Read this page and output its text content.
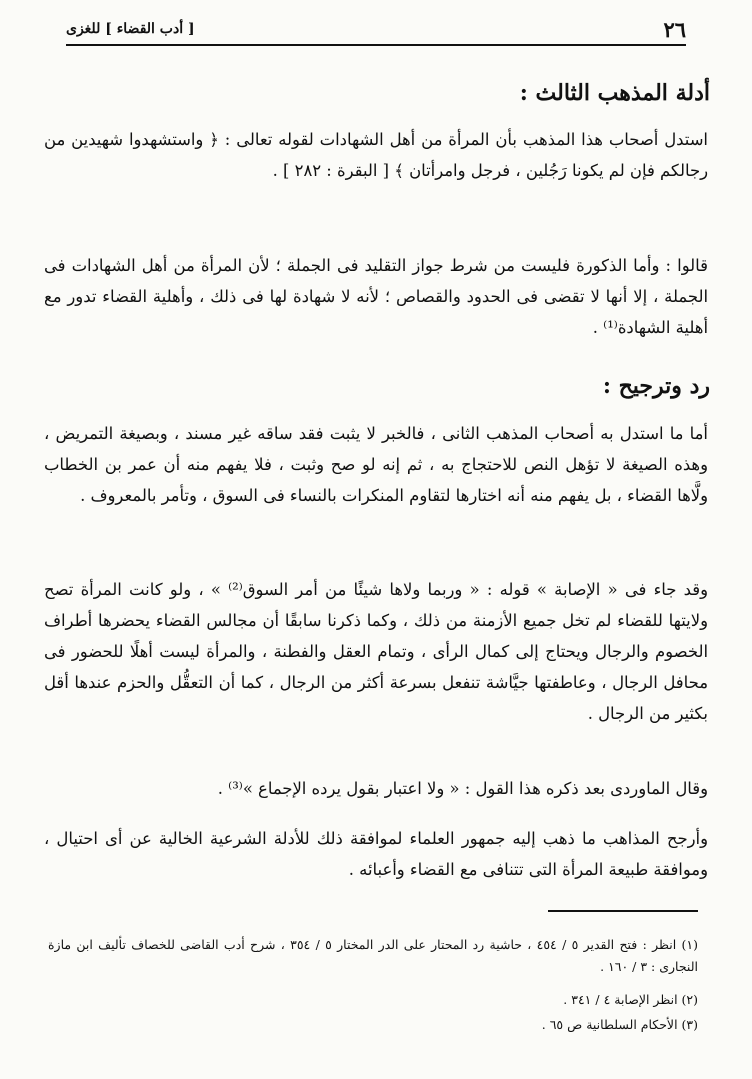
٢٦
[ أدب القضاء ] للغزى
أدلة المذهب الثالث :

استدل أصحاب هذا المذهب بأن المرأة من أهل الشهادات لقوله تعالى : ﴿ واستشهدوا شهيدين من رجالكم فإن لم يكونا رَجُلين ، فرجل وامرأتان ﴾ [ البقرة : ٢٨٢ ] .

قالوا : وأما الذكورة فليست من شرط جواز التقليد فى الجملة ؛ لأن المرأة من أهل الشهادات فى الجملة ، إلا أنها لا تقضى فى الحدود والقصاص ؛ لأنه لا شهادة لها فى ذلك ، وأهلية القضاء تدور مع أهلية الشهادة⁽¹⁾ .

رد وترجيح :

أما ما استدل به أصحاب المذهب الثانى ، فالخبر لا يثبت فقد ساقه غير مسند ، وبصيغة التمريض ، وهذه الصيغة لا تؤهل النص للاحتجاج به ، ثم إنه لو صح وثبت ، فلا يفهم منه أن عمر بن الخطاب ولَّاها القضاء ، بل يفهم منه أنه اختارها لتقاوم المنكرات بالنساء فى السوق ، وتأمر بالمعروف .

وقد جاء فى « الإصابة » قوله : « وربما ولاها شيئًا من أمر السوق⁽²⁾ » ، ولو كانت المرأة تصح ولايتها للقضاء لم تخل جميع الأزمنة من ذلك ، وكما ذكرنا سابقًا أن مجالس القضاء يحضرها أطراف الخصوم والرجال ويحتاج إلى كمال الرأى ، وتمام العقل والفطنة ، والمرأة ليست أهلًا للحضور فى محافل الرجال ، وعاطفتها جيَّاشة تنفعل بسرعة أكثر من الرجال ، كما أن التعقُّل والحزم عندها أقل بكثير من الرجال .

وقال الماوردى بعد ذكره هذا القول : « ولا اعتبار بقول يرده الإجماع »⁽³⁾ .

وأرجح المذاهب ما ذهب إليه جمهور العلماء لموافقة ذلك للأدلة الشرعية الخالية عن أى احتيال ، وموافقة طبيعة المرأة التى تتنافى مع القضاء وأعبائه .

(١) انظر : فتح القدير ٥ / ٤٥٤ ، حاشية رد المحتار على الدر المختار ٥ / ٣٥٤ ، شرح أدب القاضى للخصاف تأليف ابن مازة النجارى : ٣ / ١٦٠ .

(٢) انظر الإصابة ٤ / ٣٤١ .

(٣) الأحكام السلطانية ص ٦٥ .
